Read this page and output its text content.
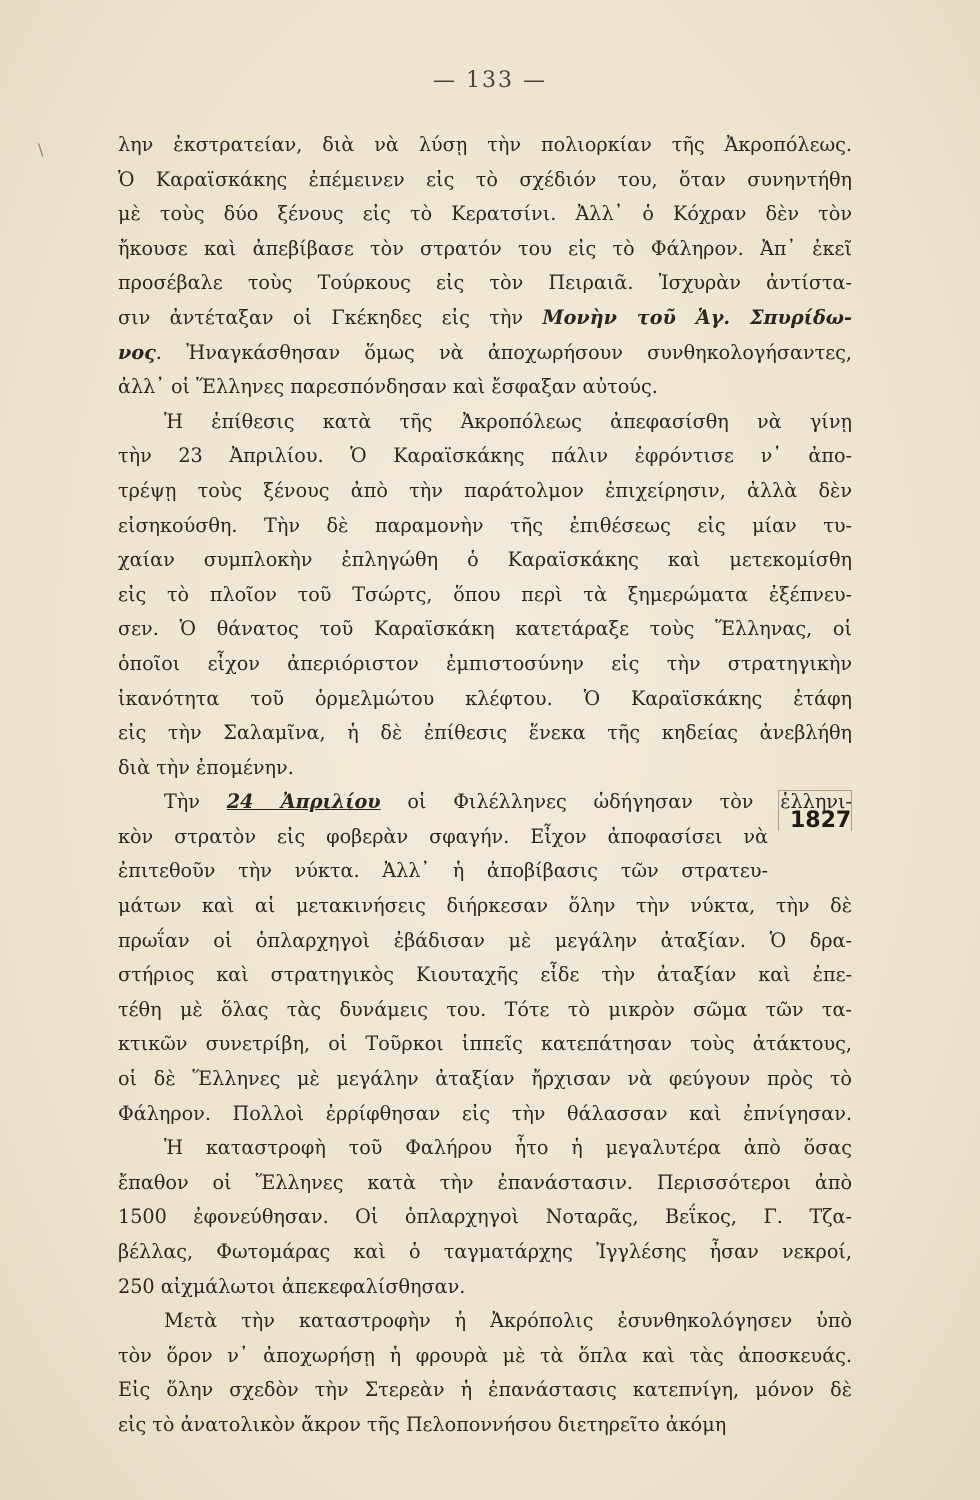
— 133 —
\
1827
λην ἐκστρατείαν, διὰ νὰ λύσῃ τὴν πολιορκίαν τῆς Ἀκροπόλεως.
Ὁ Καραϊσκάκης ἐπέμεινεν εἰς τὸ σχέδιόν του, ὅταν συνηντήθη
μὲ τοὺς δύο ξένους εἰς τὸ Κερατσίνι. Ἀλλ᾿ ὁ Κόχραν δὲν τὸν
ἤκουσε καὶ ἀπεβίβασε τὸν στρατόν του εἰς τὸ Φάληρον. Ἀπ᾿ ἐκεῖ
προσέβαλε τοὺς Τούρκους εἰς τὸν Πειραιᾶ. Ἰσχυρὰν ἀντίστα-
σιν ἀντέταξαν οἱ Γκέκηδες εἰς τὴν Μονὴν τοῦ Ἁγ. Σπυρίδω-
νος. Ἠναγκάσθησαν ὅμως νὰ ἀποχωρήσουν συνθηκολογήσαντες,
ἀλλ᾿ οἱ Ἕλληνες παρεσπόνδησαν καὶ ἔσφαξαν αὐτούς.
Ἡ ἐπίθεσις κατὰ τῆς Ἀκροπόλεως ἀπεφασίσθη νὰ γίνῃ
τὴν 23 Ἀπριλίου. Ὁ Καραϊσκάκης πάλιν ἐφρόντισε ν᾿ ἀπο-
τρέψῃ τοὺς ξένους ἀπὸ τὴν παράτολμον ἐπιχείρησιν, ἀλλὰ δὲν
εἰσηκούσθη. Τὴν δὲ παραμονὴν τῆς ἐπιθέσεως εἰς μίαν τυ-
χαίαν συμπλοκὴν ἐπληγώθη ὁ Καραϊσκάκης καὶ μετεκομίσθη
εἰς τὸ πλοῖον τοῦ Τσώρτς, ὅπου περὶ τὰ ξημερώματα ἐξέπνευ-
σεν. Ὁ θάνατος τοῦ Καραϊσκάκη κατετάραξε τοὺς Ἕλληνας, οἱ
ὁποῖοι εἶχον ἀπεριόριστον ἐμπιστοσύνην εἰς τὴν στρατηγικὴν
ἱκανότητα τοῦ ὁρμελμώτου κλέφτου. Ὁ Καραϊσκάκης ἐτάφη
εἰς τὴν Σαλαμῖνα, ἡ δὲ ἐπίθεσις ἕνεκα τῆς κηδείας ἀνεβλήθη
διὰ τὴν ἐπομένην.
Τὴν 24 Ἀπριλίου οἱ Φιλέλληνες ὡδήγησαν τὸν ἑλληνι-
κὸν στρατὸν εἰς φοβερὰν σφαγήν. Εἶχον ἀποφασίσει νὰ
ἐπιτεθοῦν τὴν νύκτα. Ἀλλ᾿ ἡ ἀποβίβασις τῶν στρατευ-
μάτων καὶ αἱ μετακινήσεις διήρκεσαν ὅλην τὴν νύκτα, τὴν δὲ
πρωΐαν οἱ ὁπλαρχηγοὶ ἐβάδισαν μὲ μεγάλην ἀταξίαν. Ὁ δρα-
στήριος καὶ στρατηγικὸς Κιουταχῆς εἶδε τὴν ἀταξίαν καὶ ἐπε-
τέθη μὲ ὅλας τὰς δυνάμεις του. Τότε τὸ μικρὸν σῶμα τῶν τα-
κτικῶν συνετρίβη, οἱ Τοῦρκοι ἱππεῖς κατεπάτησαν τοὺς ἀτάκτους,
οἱ δὲ Ἕλληνες μὲ μεγάλην ἀταξίαν ἤρχισαν νὰ φεύγουν πρὸς τὸ
Φάληρον. Πολλοὶ ἐρρίφθησαν εἰς τὴν θάλασσαν καὶ ἐπνίγησαν.
Ἡ καταστροφὴ τοῦ Φαλήρου ἦτο ἡ μεγαλυτέρα ἀπὸ ὅσας
ἔπαθον οἱ Ἕλληνες κατὰ τὴν ἐπανάστασιν. Περισσότεροι ἀπὸ
1500 ἐφονεύθησαν. Οἱ ὁπλαρχηγοὶ Νοταρᾶς, Βεΐκος, Γ. Τζα-
βέλλας, Φωτομάρας καὶ ὁ ταγματάρχης Ἰγγλέσης ἦσαν νεκροί,
250 αἰχμάλωτοι ἀπεκεφαλίσθησαν.
Μετὰ τὴν καταστροφὴν ἡ Ἀκρόπολις ἐσυνθηκολόγησεν ὑπὸ
τὸν ὅρον ν᾿ ἀποχωρήσῃ ἡ φρουρὰ μὲ τὰ ὅπλα καὶ τὰς ἀποσκευάς.
Εἰς ὅλην σχεδὸν τὴν Στερεὰν ἡ ἐπανάστασις κατεπνίγη, μόνον δὲ
εἰς τὸ ἀνατολικὸν ἄκρον τῆς Πελοποννήσου διετηρεῖτο ἀκόμη
